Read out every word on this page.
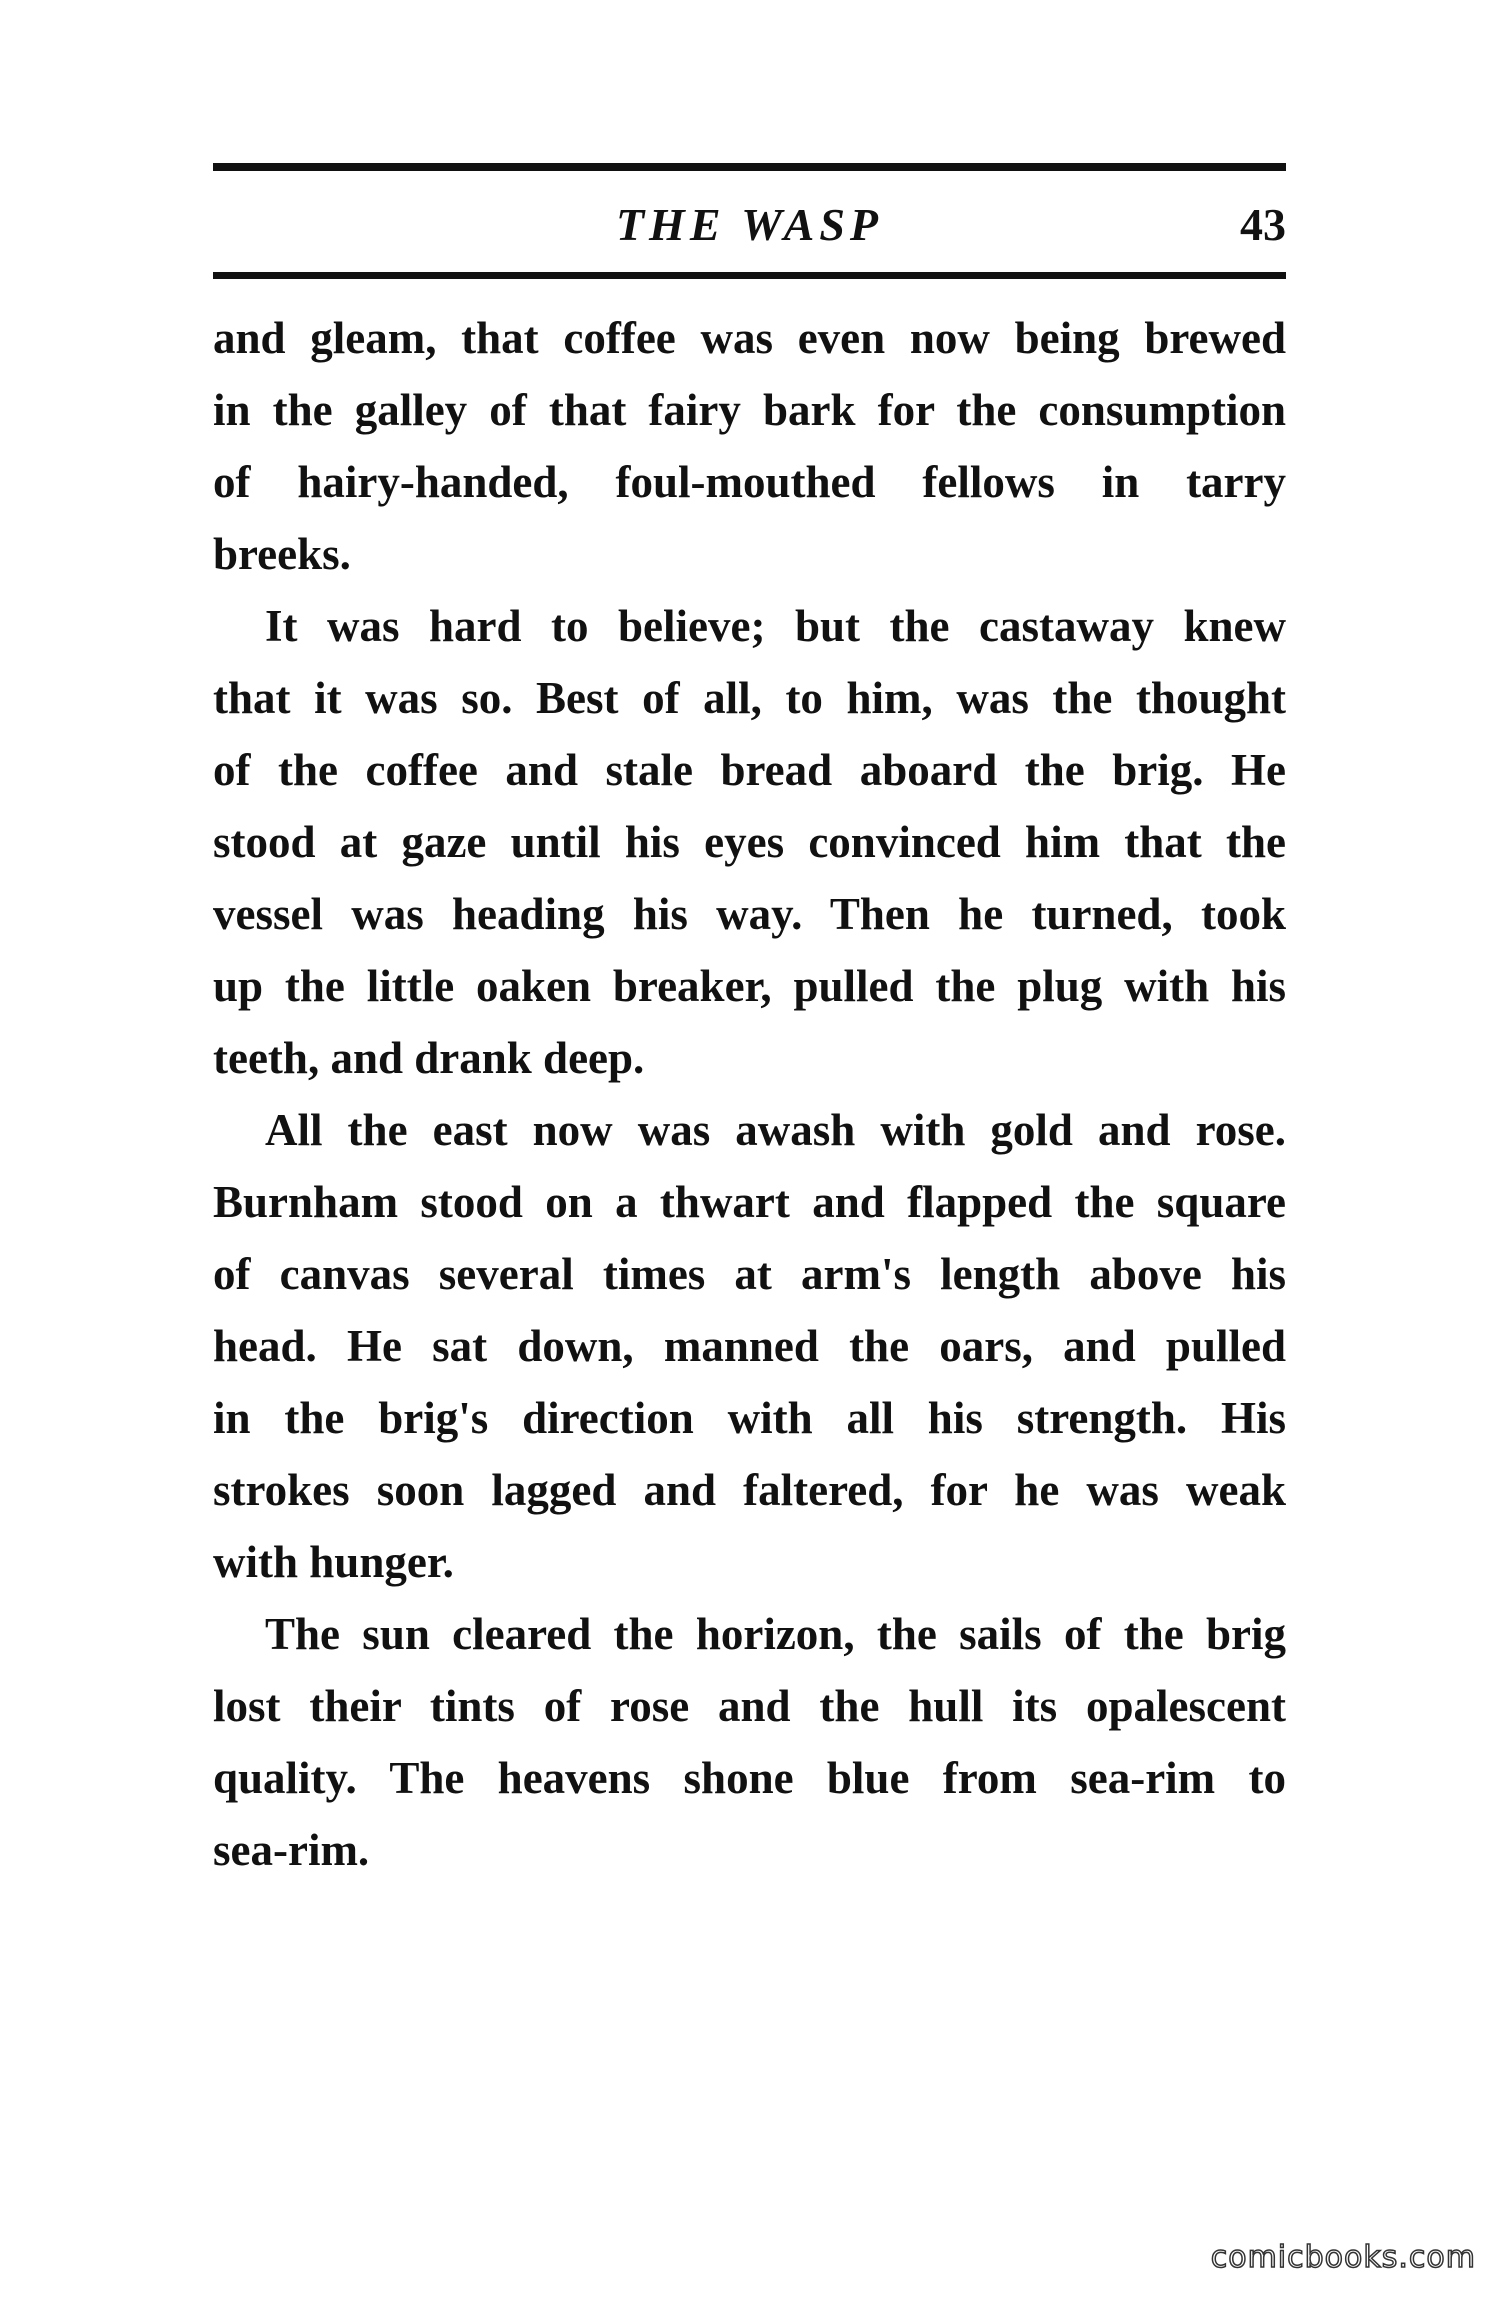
THE WASP	43
and gleam, that coffee was even now being brewed
in the galley of that fairy bark for the consumption
of hairy-handed, foul-mouthed fellows in tarry
breeks.
It was hard to believe; but the castaway knew
that it was so. Best of all, to him, was the thought
of the coffee and stale bread aboard the brig. He
stood at gaze until his eyes convinced him that the
vessel was heading his way. Then he turned, took
up the little oaken breaker, pulled the plug with his
teeth, and drank deep.
All the east now was awash with gold and rose.
Burnham stood on a thwart and flapped the square
of canvas several times at arm's length above his
head. He sat down, manned the oars, and pulled
in the brig's direction with all his strength. His
strokes soon lagged and faltered, for he was weak
with hunger.
The sun cleared the horizon, the sails of the brig
lost their tints of rose and the hull its opalescent
quality. The heavens shone blue from sea-rim to
sea-rim.
comicbooks.com
